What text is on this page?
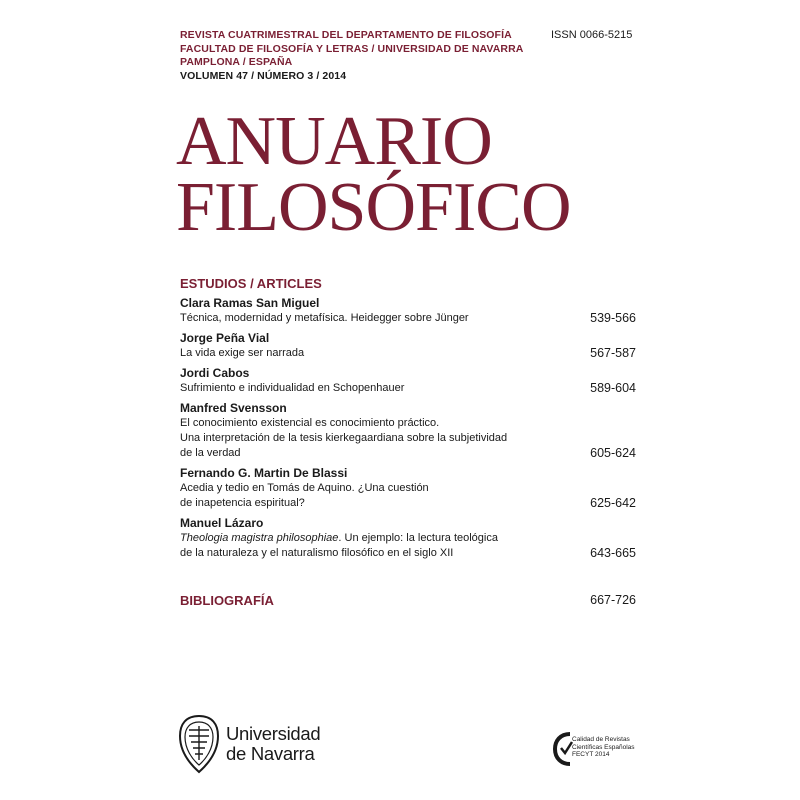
REVISTA CUATRIMESTRAL DEL DEPARTAMENTO DE FILOSOFÍA
FACULTAD DE FILOSOFÍA Y LETRAS / UNIVERSIDAD DE NAVARRA
PAMPLONA / ESPAÑA
VOLUMEN 47 / NÚMERO 3 / 2014
ISSN 0066-5215
ANUARIO
FILOSÓFICO
ESTUDIOS / ARTICLES
Clara Ramas San Miguel
Técnica, modernidad y metafísica. Heidegger sobre Jünger	539-566
Jorge Peña Vial
La vida exige ser narrada	567-587
Jordi Cabos
Sufrimiento e individualidad en Schopenhauer	589-604
Manfred Svensson
El conocimiento existencial es conocimiento práctico.
Una interpretación de la tesis kierkegaardiana sobre la subjetividad
de la verdad	605-624
Fernando G. Martin De Blassi
Acedia y tedio en Tomás de Aquino. ¿Una cuestión
de inapetencia espiritual?	625-642
Manuel Lázaro
Theologia magistra philosophiae. Un ejemplo: la lectura teológica
de la naturaleza y el naturalismo filosófico en el siglo XII	643-665
BIBLIOGRAFÍA	667-726
Universidad
de Navarra
Calidad de Revistas
Científicas Españolas
FECYT 2014
